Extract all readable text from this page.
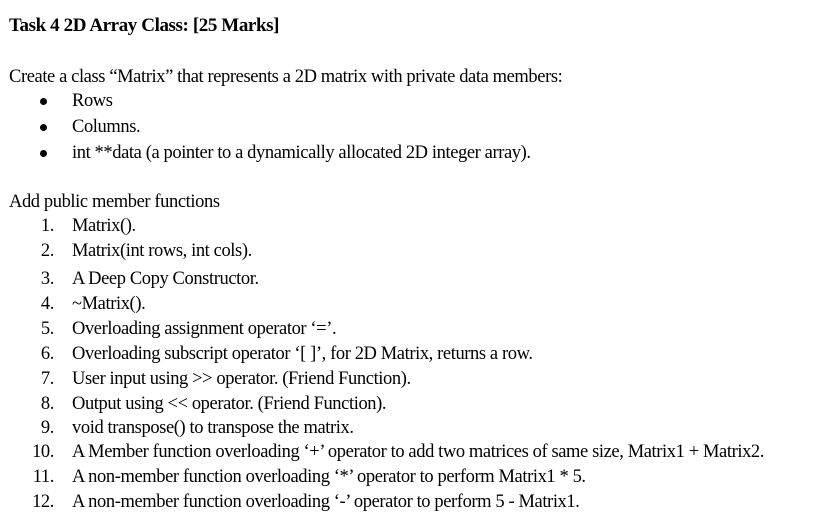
Task 4 2D Array Class: [25 Marks]
Create a class “Matrix” that represents a 2D matrix with private data members:
Rows
Columns.
int **data (a pointer to a dynamically allocated 2D integer array).
Add public member functions
1. Matrix().
2. Matrix(int rows, int cols).
3. A Deep Copy Constructor.
4. ~Matrix().
5. Overloading assignment operator ‘=’.
6. Overloading subscript operator ‘[ ]’, for 2D Matrix, returns a row.
7. User input using >> operator. (Friend Function).
8. Output using << operator. (Friend Function).
9. void transpose() to transpose the matrix.
10. A Member function overloading ‘+’ operator to add two matrices of same size, Matrix1 + Matrix2.
11. A non-member function overloading ‘*’ operator to perform Matrix1 * 5.
12. A non-member function overloading ‘-’ operator to perform 5 - Matrix1.
